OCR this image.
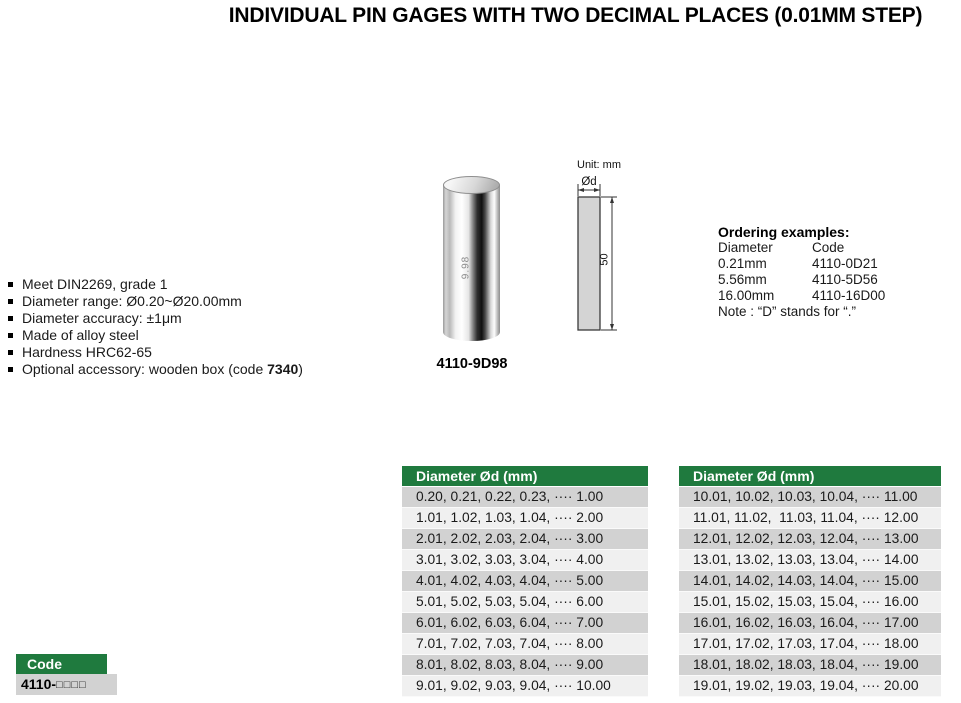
INDIVIDUAL PIN GAGES WITH TWO DECIMAL PLACES (0.01MM STEP)
Meet DIN2269, grade 1
Diameter range: Ø0.20~Ø20.00mm
Diameter accuracy: ±1μm
Made of alloy steel
Hardness HRC62-65
Optional accessory: wooden box (code 7340)
9.98
4110-9D98
Unit: mm
Ød
50
Ordering examples:
Diameter	Code
0.21mm	4110-0D21
5.56mm	4110-5D56
16.00mm	4110-16D00
Note : “D” stands for “.”
Code
4110-□□□□
Diameter Ød (mm)
0.20, 0.21, 0.22, 0.23, ···· 1.00
1.01, 1.02, 1.03, 1.04, ···· 2.00
2.01, 2.02, 2.03, 2.04, ···· 3.00
3.01, 3.02, 3.03, 3.04, ···· 4.00
4.01, 4.02, 4.03, 4.04, ···· 5.00
5.01, 5.02, 5.03, 5.04, ···· 6.00
6.01, 6.02, 6.03, 6.04, ···· 7.00
7.01, 7.02, 7.03, 7.04, ···· 8.00
8.01, 8.02, 8.03, 8.04, ···· 9.00
9.01, 9.02, 9.03, 9.04, ···· 10.00
Diameter Ød (mm)
10.01, 10.02, 10.03, 10.04, ···· 11.00
11.01, 11.02,  11.03, 11.04, ···· 12.00
12.01, 12.02, 12.03, 12.04, ···· 13.00
13.01, 13.02, 13.03, 13.04, ···· 14.00
14.01, 14.02, 14.03, 14.04, ···· 15.00
15.01, 15.02, 15.03, 15.04, ···· 16.00
16.01, 16.02, 16.03, 16.04, ···· 17.00
17.01, 17.02, 17.03, 17.04, ···· 18.00
18.01, 18.02, 18.03, 18.04, ···· 19.00
19.01, 19.02, 19.03, 19.04, ···· 20.00
